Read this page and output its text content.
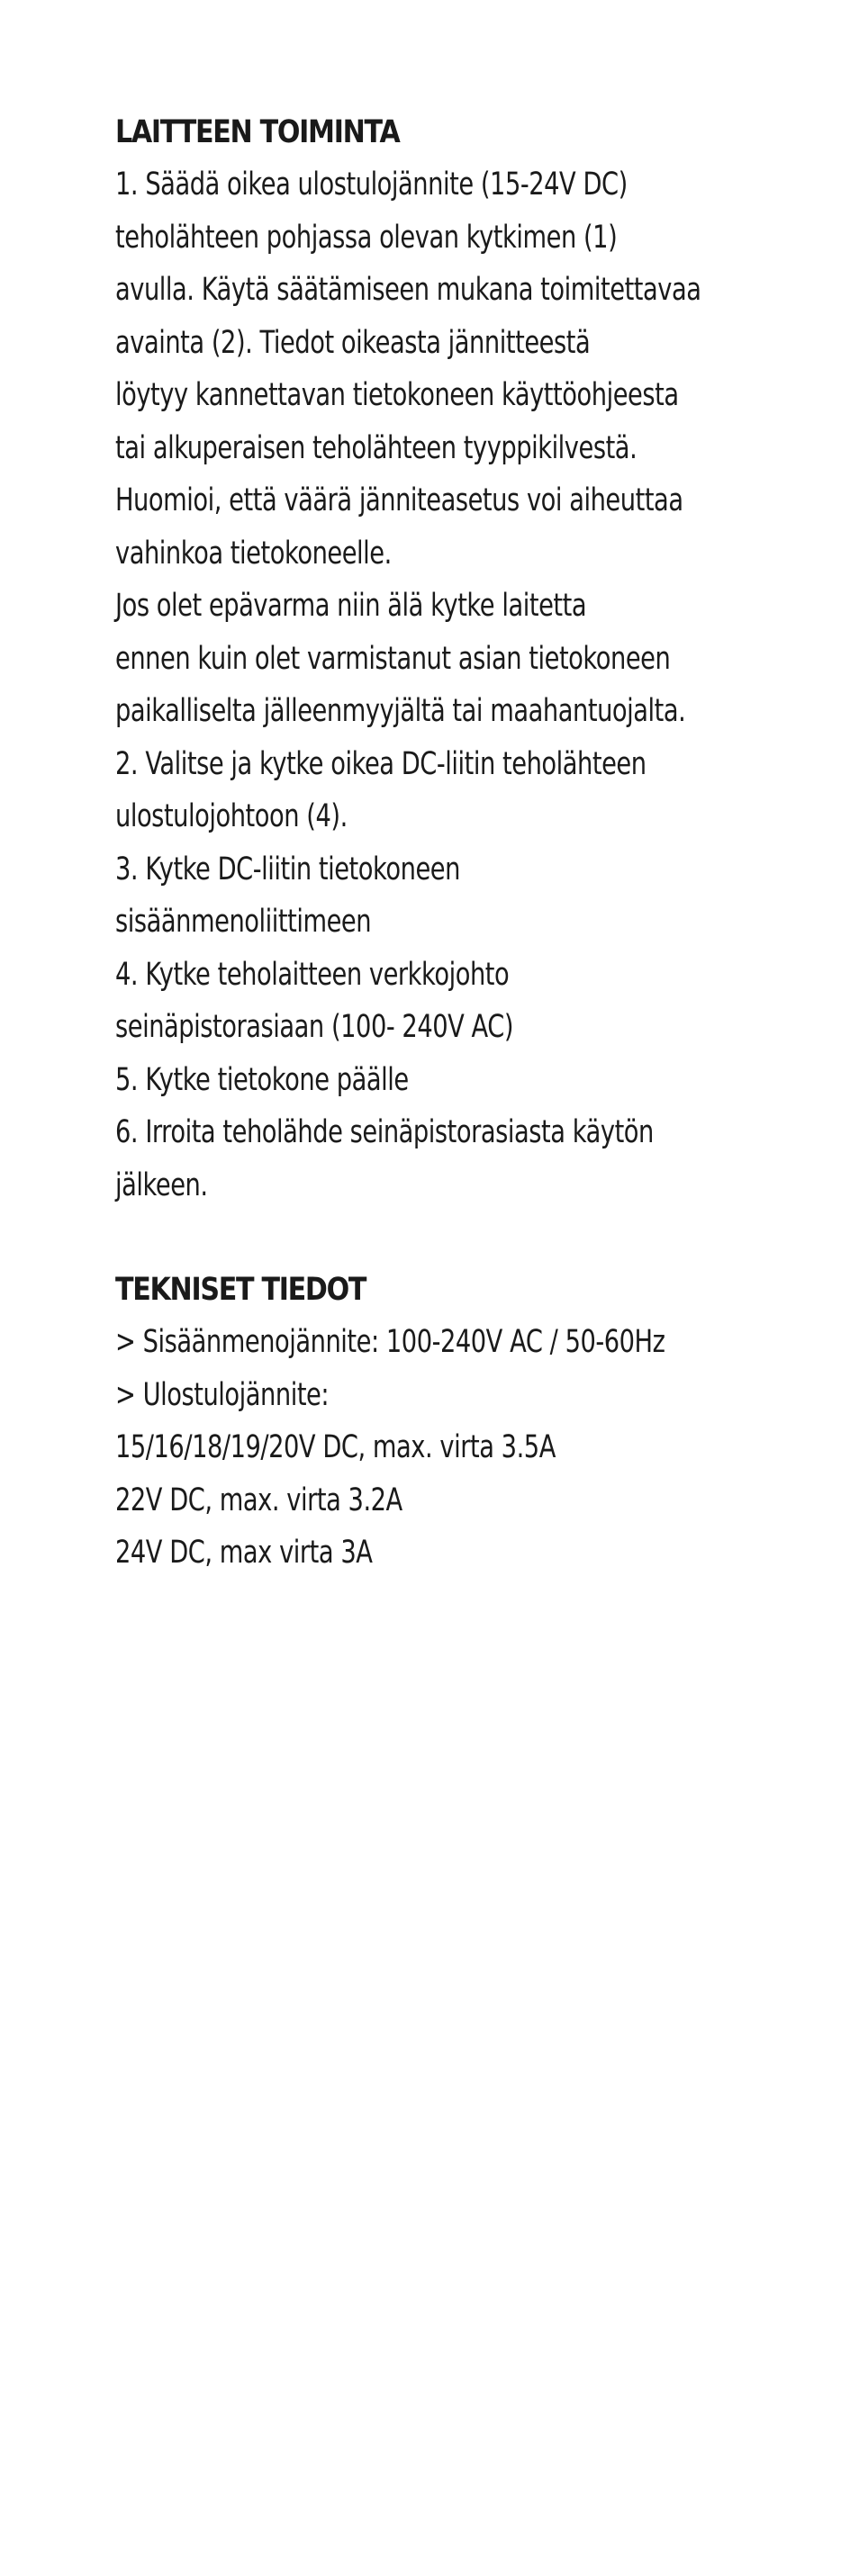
LAITTEEN TOIMINTA
1. Säädä oikea ulostulojännite (15-24V DC)
teholähteen pohjassa olevan kytkimen (1)
avulla. Käytä säätämiseen mukana toimitettavaa
avainta (2). Tiedot oikeasta jännitteestä
löytyy kannettavan tietokoneen käyttöohjeesta
tai alkuperaisen teholähteen tyyppikilvestä.
Huomioi, että väärä jänniteasetus voi aiheuttaa
vahinkoa tietokoneelle.
Jos olet epävarma niin älä kytke laitetta
ennen kuin olet varmistanut asian tietokoneen
paikalliselta jälleenmyyjältä tai maahantuojalta.
2. Valitse ja kytke oikea DC-liitin teholähteen
ulostulojohtoon (4).
3. Kytke DC-liitin tietokoneen
sisäänmenoliittimeen
4. Kytke teholaitteen verkkojohto
seinäpistorasiaan (100- 240V AC)
5. Kytke tietokone päälle
6. Irroita teholähde seinäpistorasiasta käytön
jälkeen.
TEKNISET TIEDOT
> Sisäänmenojännite: 100-240V AC / 50-60Hz
> Ulostulojännite:
15/16/18/19/20V DC, max. virta 3.5A
22V DC, max. virta 3.2A
24V DC, max virta 3A
